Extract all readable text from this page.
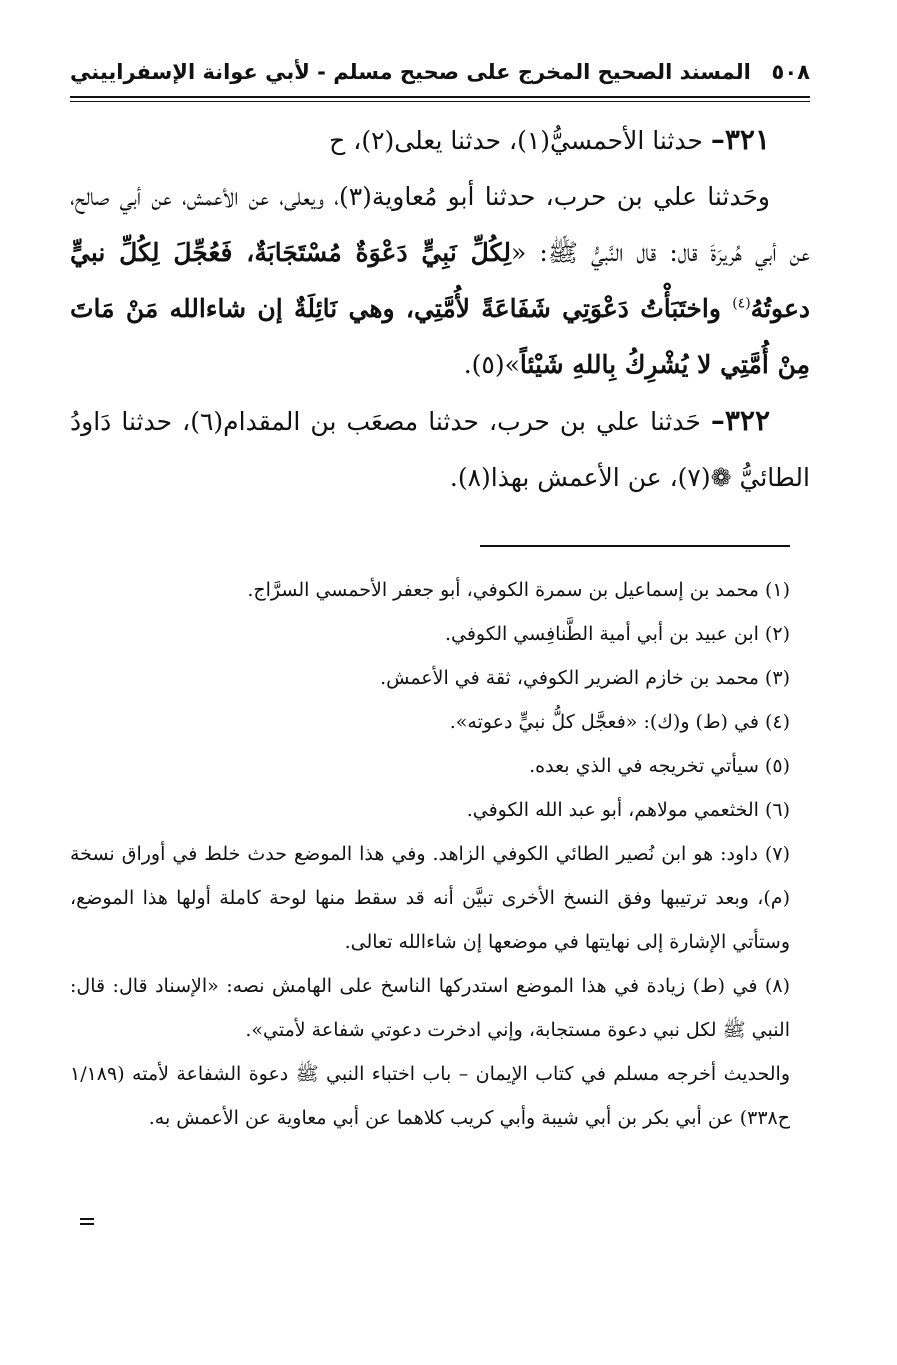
٥٠٨
المسند الصحيح المخرج على صحيح مسلم - لأبي عوانة الإسفراييني

٣٢١– حدثنا الأحمسيُّ(١)، حدثنا يعلى(٢)، ح

وحَدثنا علي بن حرب، حدثنا أبو مُعاوية(٣)، ويعلى، عن الأعمش، عن أبي صالح، عن أبي هُريرَةَ قال: قال النَّبيُّ ﷺ: «لِكُلِّ نَبِيٍّ دَعْوَةٌ مُسْتَجَابَةٌ، فَعُجِّلَ لِكُلِّ نبيٍّ دعوتُهُ$^{(٤)}$ واختَبَأْتُ دَعْوَتِي شَفَاعَةً لأُمَّتِي، وهي نَائِلَةٌ إن شاءالله مَنْ مَاتَ مِنْ أُمَّتِي لا يُشْرِكُ بِاللهِ شَيْئاً»(٥).

٣٢٢– حَدثنا علي بن حرب، حدثنا مصعَب بن المقدام(٦)، حدثنا دَاودُ الطائيُّ ❁(٧)، عن الأعمش بهذا(٨).

(١) محمد بن إسماعيل بن سمرة الكوفي، أبو جعفر الأحمسي السرَّاج.

(٢) ابن عبيد بن أبي أمية الطَّنافِسي الكوفي.

(٣) محمد بن خازم الضرير الكوفي، ثقة في الأعمش.

(٤) في (ط) و(ك): «فعجَّل كلُّ نبيٍّ دعوته».

(٥) سيأتي تخريجه في الذي بعده.

(٦) الخثعمي مولاهم، أبو عبد الله الكوفي.

(٧) داود: هو ابن نُصير الطائي الكوفي الزاهد. وفي هذا الموضع حدث خلط في أوراق نسخة (م)، وبعد ترتيبها وفق النسخ الأخرى تبيَّن أنه قد سقط منها لوحة كاملة أولها هذا الموضع، وستأتي الإشارة إلى نهايتها في موضعها إن شاءالله تعالى.

(٨) في (ط) زيادة في هذا الموضع استدركها الناسخ على الهامش نصه: «الإسناد قال: قال: النبي ﷺ لكل نبي دعوة مستجابة، وإني ادخرت دعوتي شفاعة لأمتي».

والحديث أخرجه مسلم في كتاب الإيمان – باب اختباء النبي ﷺ دعوة الشفاعة لأمته (١/١٨٩ ح٣٣٨) عن أبي بكر بن أبي شيبة وأبي كريب كلاهما عن أبي معاوية عن الأعمش به.
